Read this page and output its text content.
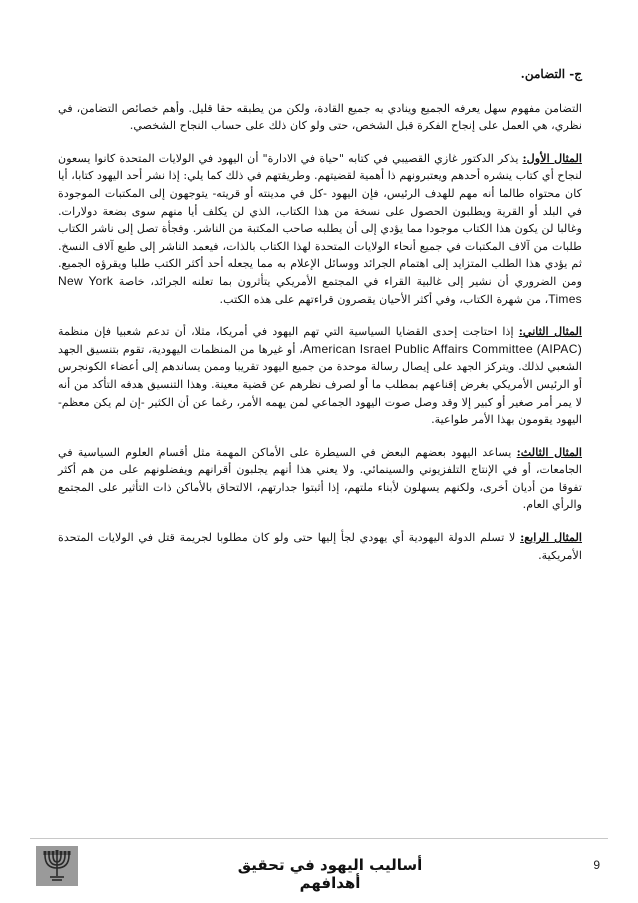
ج- التضامن.

التضامن مفهوم سهل يعرفه الجميع وينادي به جميع القادة، ولكن من يطبقه حقا قليل. وأهم خصائص التضامن، في نظري، هي العمل على إنجاح الفكرة قبل الشخص، حتى ولو كان ذلك على حساب النجاح الشخصي.

المثال الأول: يذكر الدكتور غازي القصيبي في كتابه "حياة في الادارة" أن اليهود في الولايات المتحدة كانوا يسعون لنجاح أي كتاب ينشره أحدهم ويعتبرونهم ذا أهمية لقضيتهم. وطريقتهم في ذلك كما يلي: إذا نشر أحد اليهود كتابا، أيا كان محتواه طالما أنه مهم للهدف الرئيس، فإن اليهود -كل في مدينته أو قريته- يتوجهون إلى المكتبات الموجودة في البلد أو القرية ويطلبون الحصول على نسخة من هذا الكتاب، الذي لن يكلف أيا منهم سوى بضعة دولارات. وغالبا لن يكون هذا الكتاب موجودا مما يؤدي إلى أن يطلبه صاحب المكتبة من الناشر. وفجأة تصل إلى ناشر الكتاب طلبات من آلاف المكتبات في جميع أنحاء الولايات المتحدة لهذا الكتاب بالذات، فيعمد الناشر إلى طبع آلاف النسخ. ثم يؤدي هذا الطلب المتزايد إلى اهتمام الجرائد ووسائل الإعلام به مما يجعله أحد أكثر الكتب طلبا ويقرؤه الجميع. ومن الضروري أن نشير إلى غالبية القراء في المجتمع الأمريكي يتأثرون بما تعلنه الجرائد، خاصة New York Times، من شهرة الكتاب، وفي أكثر الأحيان يقصرون قراءتهم على هذه الكتب.

المثال الثاني: إذا احتاجت إحدى القضايا السياسية التي تهم اليهود في أمريكا، مثلا، أن تدعم شعبيا فإن منظمة American Israel Public Affairs Committee (AIPAC)، أو غيرها من المنظمات اليهودية، تقوم بتنسيق الجهد الشعبي لذلك. ويتركز الجهد على إيصال رسالة موحدة من جميع اليهود تقريبا وممن يساندهم إلى أعضاء الكونجرس أو الرئيس الأمريكي بغرض إقناعهم بمطلب ما أو لصرف نظرهم عن قضية معينة. وهذا التنسيق هدفه التأكد من أنه لا يمر أمر صغير أو كبير إلا وقد وصل صوت اليهود الجماعي لمن يهمه الأمر، رغما عن أن الكثير -إن لم يكن معظم- اليهود يقومون بهذا الأمر طواعية.

المثال الثالث: يساعد اليهود بعضهم البعض في السيطرة على الأماكن المهمة مثل أقسام العلوم السياسية في الجامعات، أو في الإنتاج التلفزيوني والسينمائي. ولا يعني هذا أنهم يجلبون أقرانهم ويفضلونهم على من هم أكثر تفوقا من أديان أخرى، ولكنهم يسهلون لأبناء ملتهم، إذا أثبتوا جدارتهم، الالتحاق بالأماكن ذات التأثير على المجتمع والرأي العام.

المثال الرابع: لا تسلم الدولة اليهودية أي يهودي لجأ إليها حتى ولو كان مطلوبا لجريمة قتل في الولايات المتحدة الأمريكية.

أساليب اليهود في تحقيق أهدافهم
9
